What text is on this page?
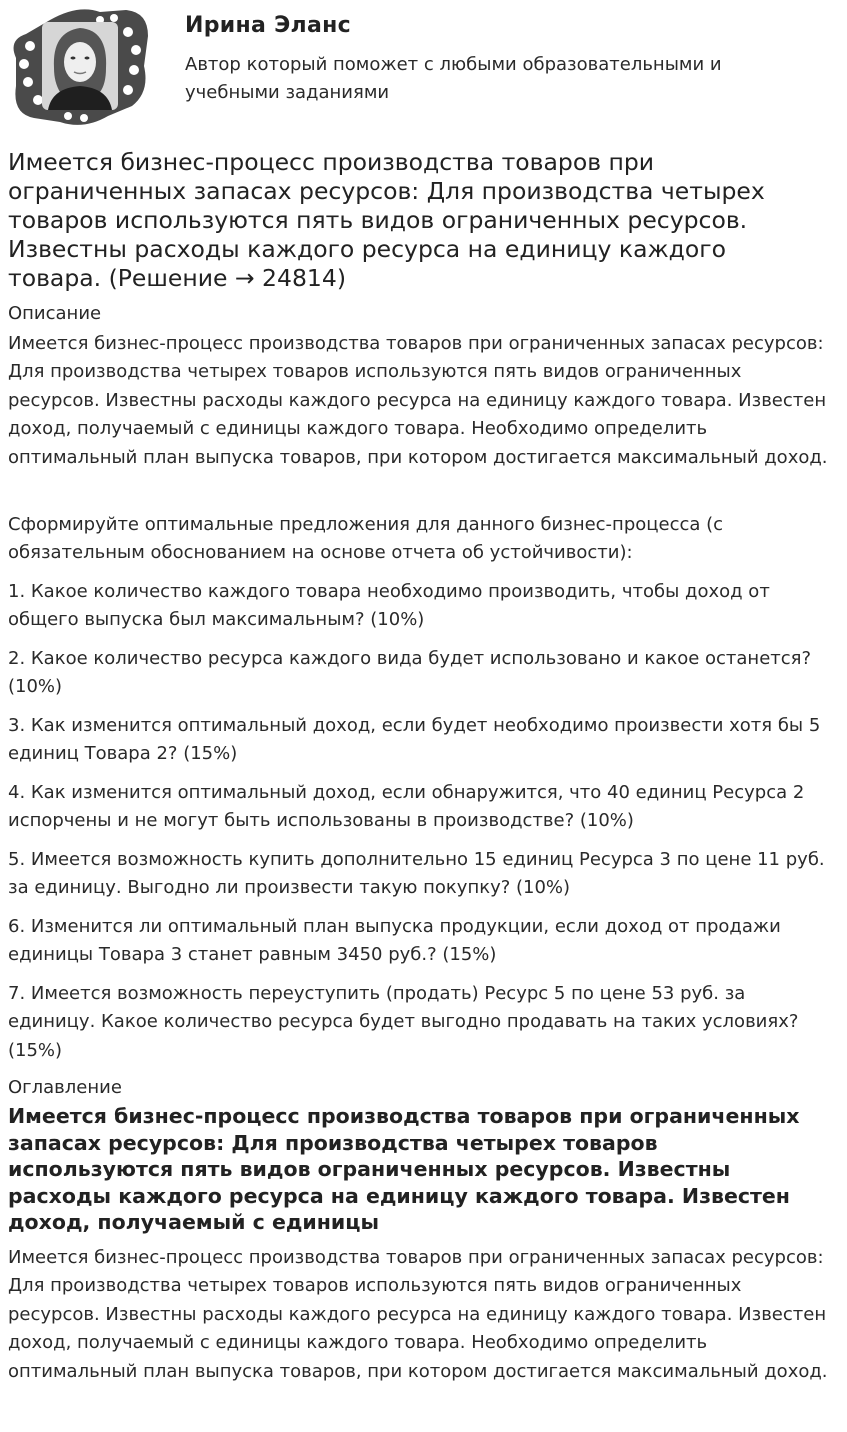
Ирина Эланс
Автор который поможет с любыми образовательными и учебными заданиями
Имеется бизнес-процесс производства товаров при ограниченных запасах ресурсов: Для производства четырех товаров используются пять видов ограниченных ресурсов. Известны расходы каждого ресурса на единицу каждого товара. (Решение → 24814)
Описание

Имеется бизнес-процесс производства товаров при ограниченных запасах ресурсов: Для производства четырех товаров используются пять видов ограниченных ресурсов. Известны расходы каждого ресурса на единицу каждого товара. Известен доход, получаемый с единицы каждого товара. Необходимо определить оптимальный план выпуска товаров, при котором достигается максимальный доход.

Сформируйте оптимальные предложения для данного бизнес-процесса (с обязательным обоснованием на основе отчета об устойчивости):

1. Какое количество каждого товара необходимо производить, чтобы доход от общего выпуска был максимальным? (10%)

2. Какое количество ресурса каждого вида будет использовано и какое останется? (10%)

3. Как изменится оптимальный доход, если будет необходимо произвести хотя бы 5 единиц Товара 2? (15%)

4. Как изменится оптимальный доход, если обнаружится, что 40 единиц Ресурса 2 испорчены и не могут быть использованы в производстве? (10%)

5. Имеется возможность купить дополнительно 15 единиц Ресурса 3 по цене 11 руб. за единицу. Выгодно ли произвести такую покупку? (10%)

6. Изменится ли оптимальный план выпуска продукции, если доход от продажи единицы Товара 3 станет равным 3450 руб.? (15%)

7. Имеется возможность переуступить (продать) Ресурс 5 по цене 53 руб. за единицу. Какое количество ресурса будет выгодно продавать на таких условиях? (15%)

Оглавление
Имеется бизнес-процесс производства товаров при ограниченных запасах ресурсов: Для производства четырех товаров используются пять видов ограниченных ресурсов. Известны расходы каждого ресурса на единицу каждого товара. Известен доход, получаемый с единицы

Имеется бизнес-процесс производства товаров при ограниченных запасах ресурсов: Для производства четырех товаров используются пять видов ограниченных ресурсов. Известны расходы каждого ресурса на единицу каждого товара. Известен доход, получаемый с единицы каждого товара. Необходимо определить оптимальный план выпуска товаров, при котором достигается максимальный доход.
